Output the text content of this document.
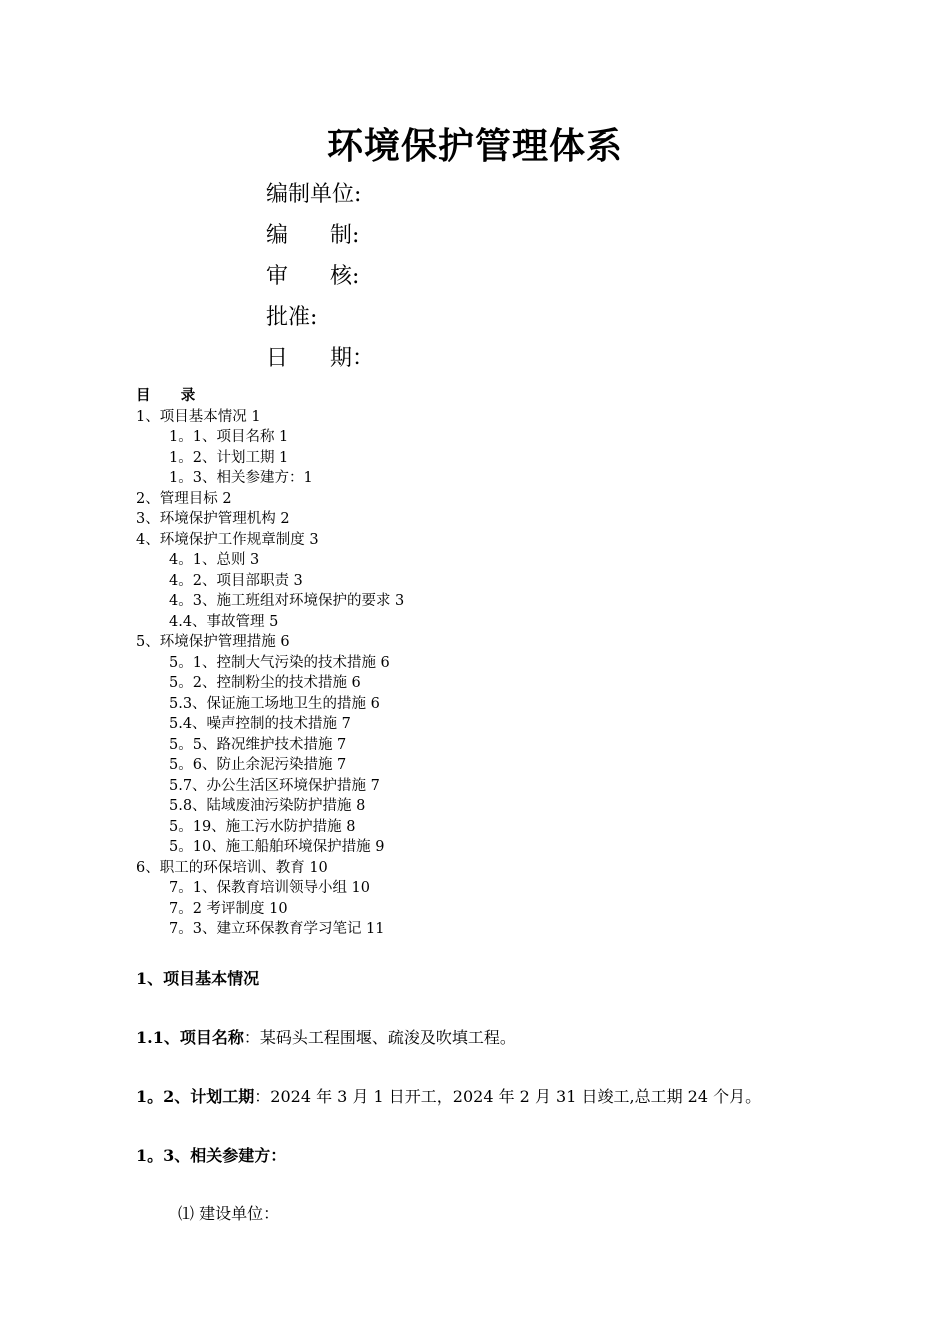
环境保护管理体系
编制单位:
编      制:
审      核:
批准:
日      期：
目      录
1、项目基本情况 1
1。1、项目名称 1
1。2、计划工期 1
1。3、相关参建方：1
2、管理目标 2
3、环境保护管理机构 2
4、环境保护工作规章制度 3
4。1、总则 3
4。2、项目部职责 3
4。3、施工班组对环境保护的要求 3
4.4、事故管理 5
5、环境保护管理措施 6
5。1、控制大气污染的技术措施 6
5。2、控制粉尘的技术措施 6
5.3、保证施工场地卫生的措施 6
5.4、噪声控制的技术措施 7
5。5、路况维护技术措施 7
5。6、防止余泥污染措施 7
5.7、办公生活区环境保护措施 7
5.8、陆域废油污染防护措施 8
5。19、施工污水防护措施 8
5。10、施工船舶环境保护措施 9
6、职工的环保培训、教育 10
7。1、保教育培训领导小组 10
7。2 考评制度 10
7。3、建立环保教育学习笔记 11
1、项目基本情况
1.1、项目名称：某码头工程围堰、疏浚及吹填工程。
1。2、计划工期：2024 年 3 月 1 日开工，2024 年 2 月 31 日竣工,总工期 24 个月。
1。3、相关参建方：
⑴ 建设单位：
